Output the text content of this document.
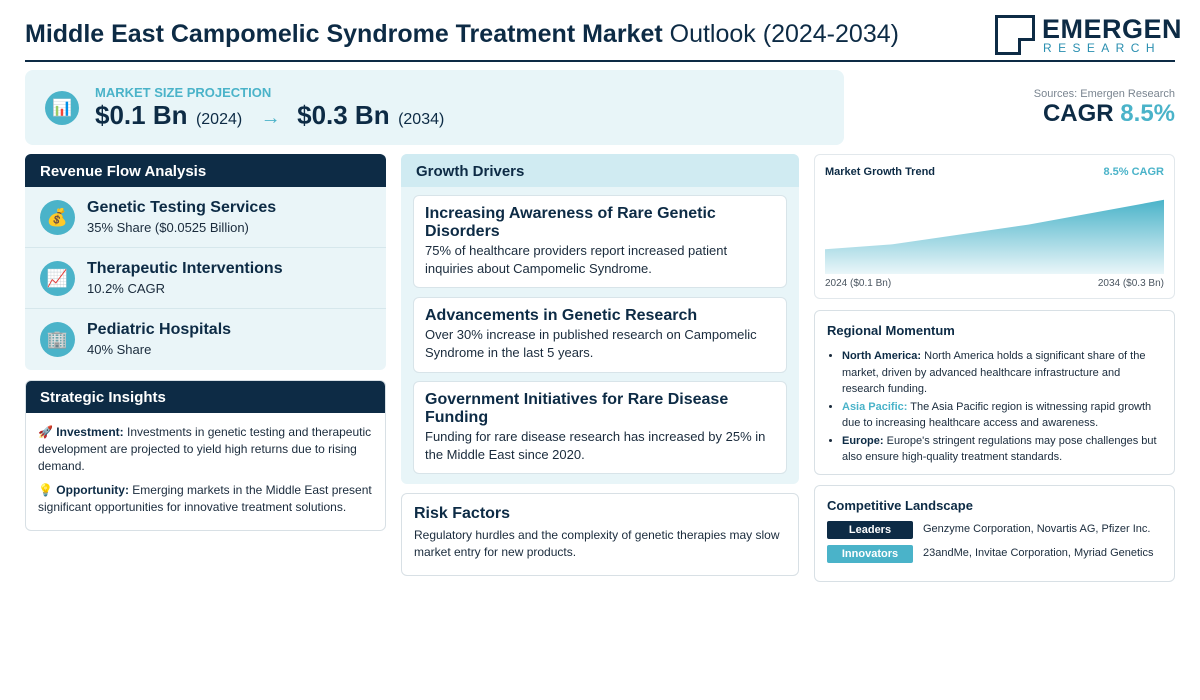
Middle East Campomelic Syndrome Treatment Market Outlook (2024-2034)	EMERGEN
RESEARCH
📊
MARKET SIZE PROJECTION
$0.1 Bn (2024) → $0.3 Bn (2034)
Sources: Emergen Research
CAGR 8.5%
Revenue Flow Analysis
💰	Genetic Testing Services
35% Share ($0.0525 Billion)
📈	Therapeutic Interventions
10.2% CAGR
🏢	Pediatric Hospitals
40% Share
Strategic Insights

🚀 Investment: Investments in genetic testing and therapeutic development are projected to yield high returns due to rising demand.

💡 Opportunity: Emerging markets in the Middle East present significant opportunities for innovative treatment solutions.

Growth Drivers
Increasing Awareness of Rare Genetic Disorders
75% of healthcare providers report increased patient inquiries about Campomelic Syndrome.
Advancements in Genetic Research
Over 30% increase in published research on Campomelic Syndrome in the last 5 years.
Government Initiatives for Rare Disease Funding
Funding for rare disease research has increased by 25% in the Middle East since 2020.
Risk Factors
Regulatory hurdles and the complexity of genetic therapies may slow market entry for new products.
Market Growth Trend	8.5% CAGR
2024 ($0.1 Bn)	2034 ($0.3 Bn)
Regional Momentum
• North America: North America holds a significant share of the market, driven by advanced healthcare infrastructure and research funding.
• Asia Pacific: The Asia Pacific region is witnessing rapid growth due to increasing healthcare access and awareness.
• Europe: Europe's stringent regulations may pose challenges but also ensure high-quality treatment standards.
Competitive Landscape
Leaders	Genzyme Corporation, Novartis AG, Pfizer Inc.
Innovators	23andMe, Invitae Corporation, Myriad Genetics
